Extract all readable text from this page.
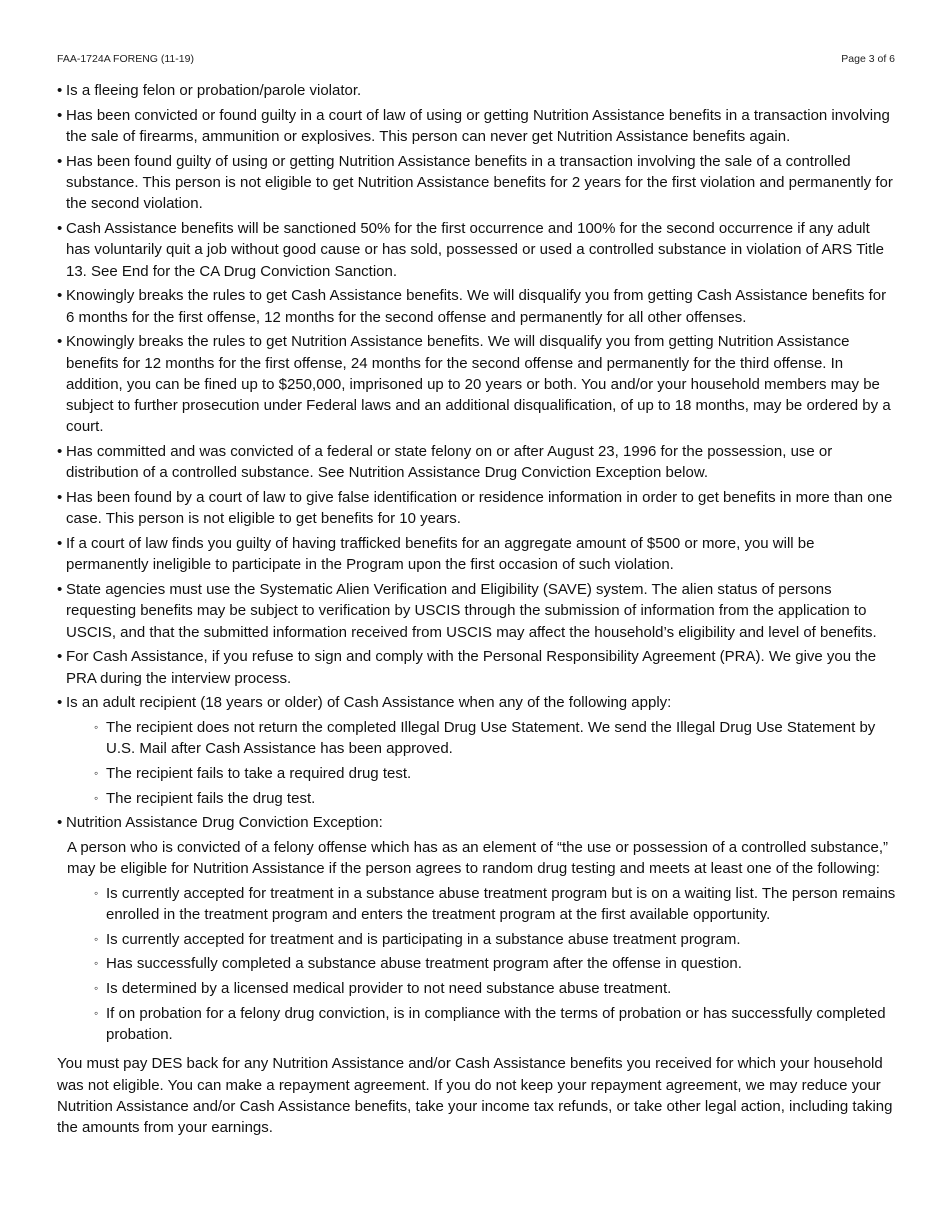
FAA-1724A FORENG (11-19)	Page 3 of 6
• Is a fleeing felon or probation/parole violator.
• Has been convicted or found guilty in a court of law of using or getting Nutrition Assistance benefits in a transaction involving the sale of firearms, ammunition or explosives. This person can never get Nutrition Assistance benefits again.
• Has been found guilty of using or getting Nutrition Assistance benefits in a transaction involving the sale of a controlled substance. This person is not eligible to get Nutrition Assistance benefits for 2 years for the first violation and permanently for the second violation.
• Cash Assistance benefits will be sanctioned 50% for the first occurrence and 100% for the second occurrence if any adult has voluntarily quit a job without good cause or has sold, possessed or used a controlled substance in violation of ARS Title 13. See End for the CA Drug Conviction Sanction.
• Knowingly breaks the rules to get Cash Assistance benefits. We will disqualify you from getting Cash Assistance benefits for 6 months for the first offense, 12 months for the second offense and permanently for all other offenses.
• Knowingly breaks the rules to get Nutrition Assistance benefits. We will disqualify you from getting Nutrition Assistance benefits for 12 months for the first offense, 24 months for the second offense and permanently for the third offense. In addition, you can be fined up to $250,000, imprisoned up to 20 years or both. You and/or your household members may be subject to further prosecution under Federal laws and an additional disqualification, of up to 18 months, may be ordered by a court.
• Has committed and was convicted of a federal or state felony on or after August 23, 1996 for the possession, use or distribution of a controlled substance. See Nutrition Assistance Drug Conviction Exception below.
• Has been found by a court of law to give false identification or residence information in order to get benefits in more than one case. This person is not eligible to get benefits for 10 years.
• If a court of law finds you guilty of having trafficked benefits for an aggregate amount of $500 or more, you will be permanently ineligible to participate in the Program upon the first occasion of such violation.
• State agencies must use the Systematic Alien Verification and Eligibility (SAVE) system. The alien status of persons requesting benefits may be subject to verification by USCIS through the submission of information from the application to USCIS, and that the submitted information received from USCIS may affect the household’s eligibility and level of benefits.
• For Cash Assistance, if you refuse to sign and comply with the Personal Responsibility Agreement (PRA). We give you the PRA during the interview process.
• Is an adult recipient (18 years or older) of Cash Assistance when any of the following apply:
◦ The recipient does not return the completed Illegal Drug Use Statement. We send the Illegal Drug Use Statement by U.S. Mail after Cash Assistance has been approved.
◦ The recipient fails to take a required drug test.
◦ The recipient fails the drug test.
• Nutrition Assistance Drug Conviction Exception:
A person who is convicted of a felony offense which has as an element of “the use or possession of a controlled substance,” may be eligible for Nutrition Assistance if the person agrees to random drug testing and meets at least one of the following:
◦ Is currently accepted for treatment in a substance abuse treatment program but is on a waiting list. The person remains enrolled in the treatment program and enters the treatment program at the first available opportunity.
◦ Is currently accepted for treatment and is participating in a substance abuse treatment program.
◦ Has successfully completed a substance abuse treatment program after the offense in question.
◦ Is determined by a licensed medical provider to not need substance abuse treatment.
◦ If on probation for a felony drug conviction, is in compliance with the terms of probation or has successfully completed probation.

You must pay DES back for any Nutrition Assistance and/or Cash Assistance benefits you received for which your household was not eligible. You can make a repayment agreement. If you do not keep your repayment agreement, we may reduce your Nutrition Assistance and/or Cash Assistance benefits, take your income tax refunds, or take other legal action, including taking the amounts from your earnings.
